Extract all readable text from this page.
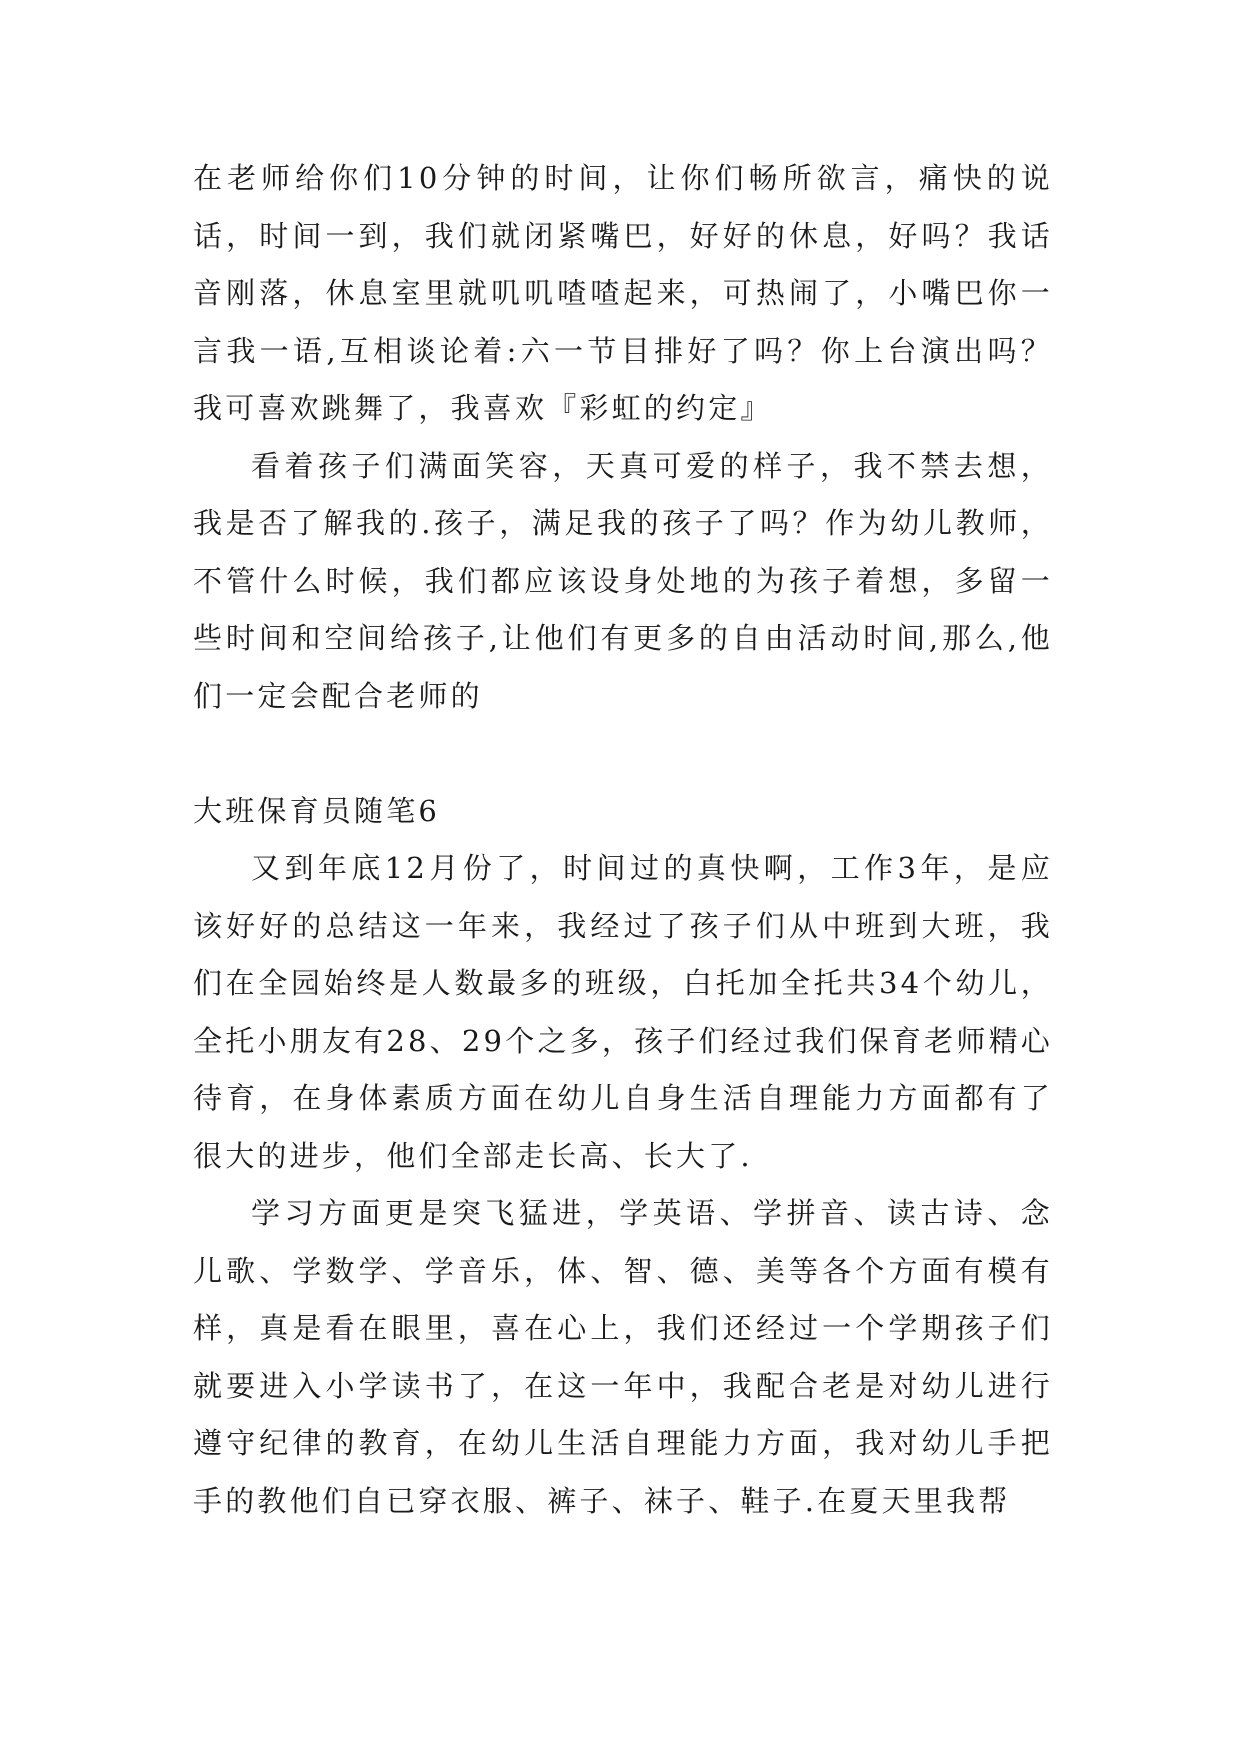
在老师给你们10分钟的时间，让你们畅所欲言，痛快的说话，时间一到，我们就闭紧嘴巴，好好的休息，好吗？我话音刚落，休息室里就叽叽喳喳起来，可热闹了，小嘴巴你一言我一语,互相谈论着:六一节目排好了吗？你上台演出吗？我可喜欢跳舞了，我喜欢『彩虹的约定』

看着孩子们满面笑容，天真可爱的样子，我不禁去想，我是否了解我的.孩子，满足我的孩子了吗？作为幼儿教师，不管什么时候，我们都应该设身处地的为孩子着想，多留一些时间和空间给孩子,让他们有更多的自由活动时间,那么,他们一定会配合老师的

大班保育员随笔6

又到年底12月份了，时间过的真快啊，工作3年，是应该好好的总结这一年来，我经过了孩子们从中班到大班，我们在全园始终是人数最多的班级，白托加全托共34个幼儿，全托小朋友有28、29个之多，孩子们经过我们保育老师精心待育，在身体素质方面在幼儿自身生活自理能力方面都有了很大的进步，他们全部走长高、长大了.

学习方面更是突飞猛进，学英语、学拼音、读古诗、念儿歌、学数学、学音乐，体、智、德、美等各个方面有模有样，真是看在眼里，喜在心上，我们还经过一个学期孩子们就要进入小学读书了，在这一年中，我配合老是对幼儿进行遵守纪律的教育，在幼儿生活自理能力方面，我对幼儿手把手的教他们自已穿衣服、裤子、袜子、鞋子.在夏天里我帮
